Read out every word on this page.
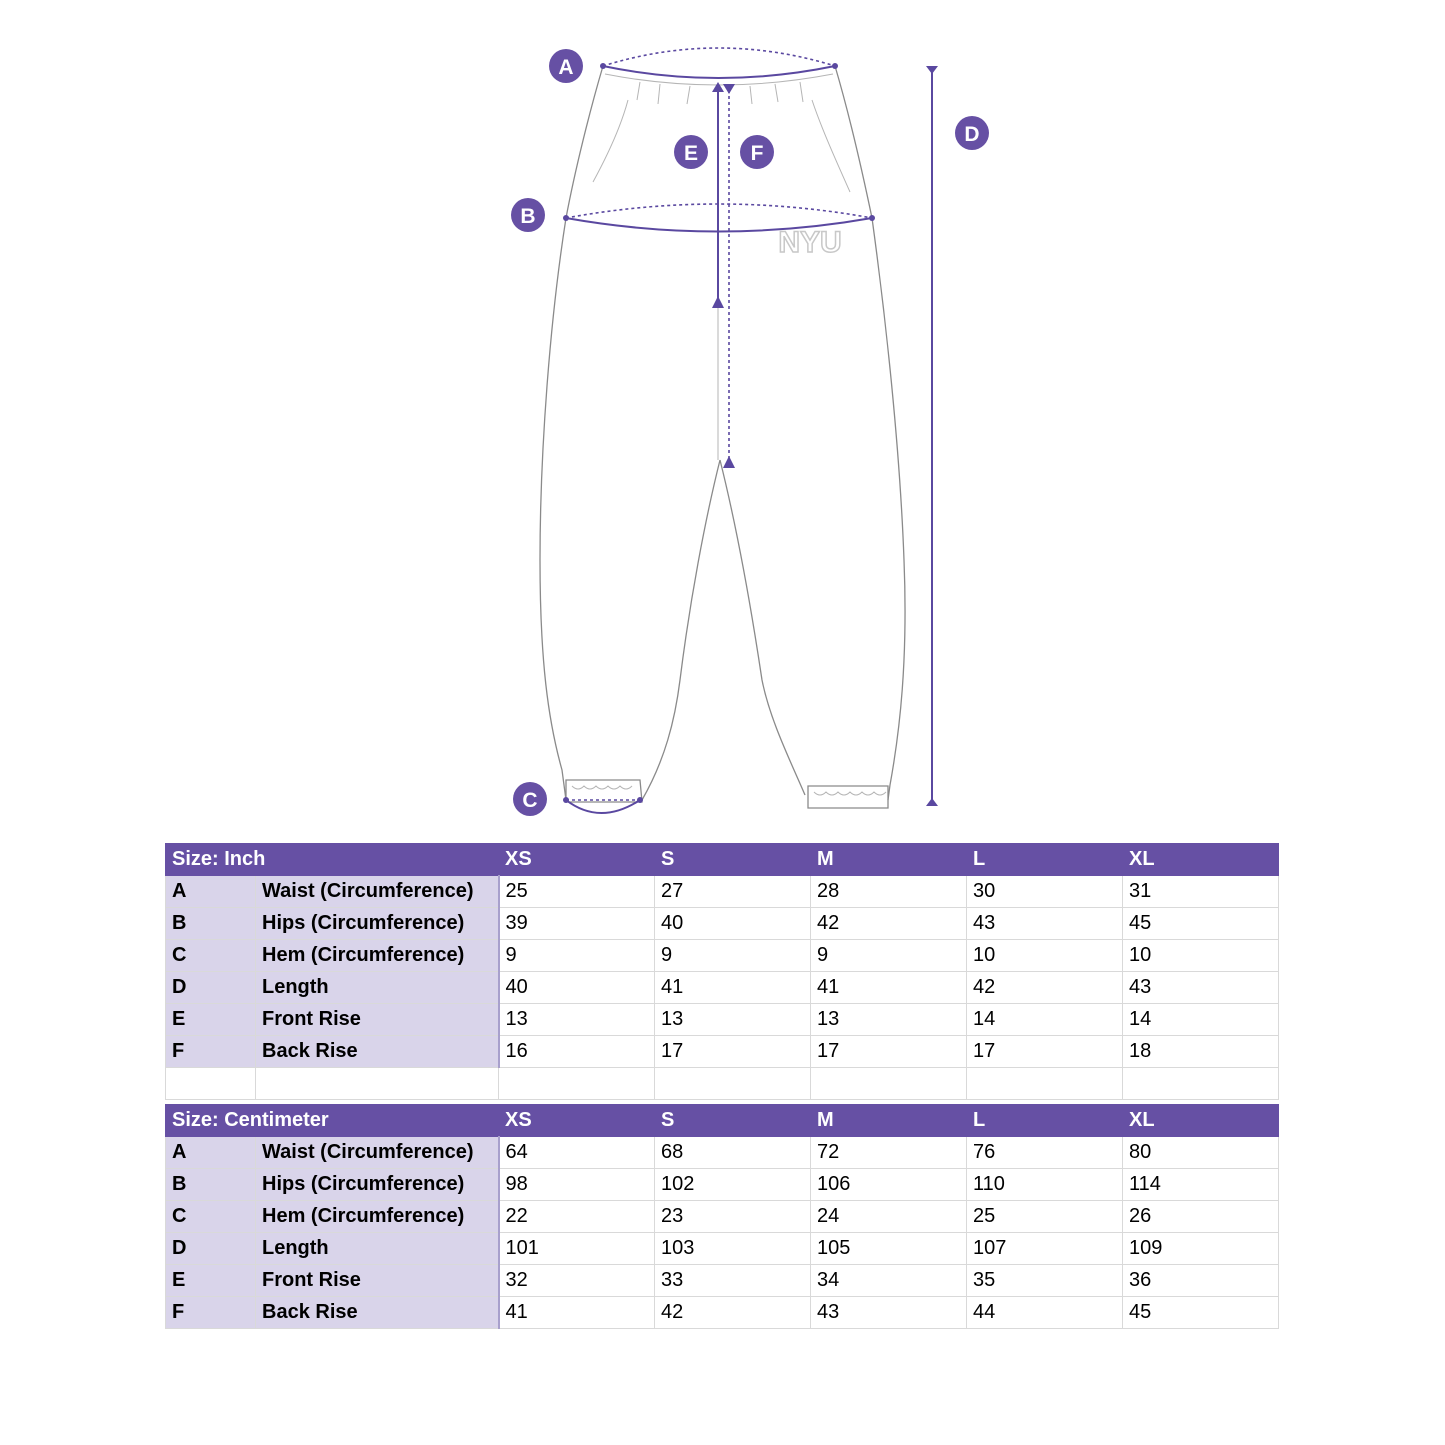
NYU
A
B
C
D
E	F
Size: Inch		XS	S	M	L	XL
A	Waist (Circumference)	25	27	28	30	31
B	Hips (Circumference)	39	40	42	43	45
C	Hem (Circumference)	9	9	9	10	10
D	Length	40	41	41	42	43
E	Front Rise	13	13	13	14	14
F	Back Rise	16	17	17	17	18

Size: Centimeter		XS	S	M	L	XL
A	Waist (Circumference)	64	68	72	76	80
B	Hips (Circumference)	98	102	106	110	114
C	Hem (Circumference)	22	23	24	25	26
D	Length	101	103	105	107	109
E	Front Rise	32	33	34	35	36
F	Back Rise	41	42	43	44	45
